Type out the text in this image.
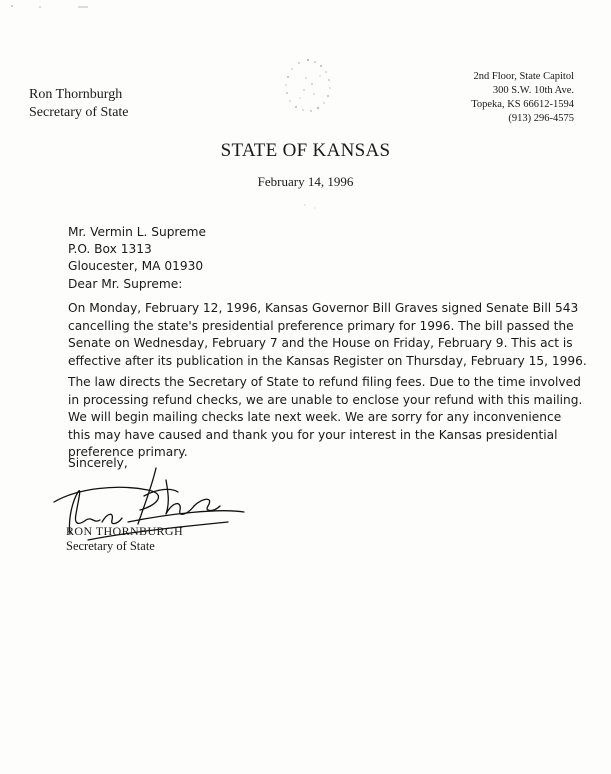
Ron Thornburgh
Secretary of State
2nd Floor, State Capitol
300 S.W. 10th Ave.
Topeka, KS 66612-1594
(913) 296-4575
STATE OF KANSAS
February 14, 1996
Mr. Vermin L. Supreme
P.O. Box 1313
Gloucester, MA 01930
Dear Mr. Supreme:
On Monday, February 12, 1996, Kansas Governor Bill Graves signed Senate Bill 543
cancelling the state's presidential preference primary for 1996. The bill passed the
Senate on Wednesday, February 7 and the House on Friday, February 9. This act is
effective after its publication in the Kansas Register on Thursday, February 15, 1996.
The law directs the Secretary of State to refund filing fees. Due to the time involved
in processing refund checks, we are unable to enclose your refund with this mailing.
We will begin mailing checks late next week. We are sorry for any inconvenience
this may have caused and thank you for your interest in the Kansas presidential
preference primary.
Sincerely,
RON THORNBURGH
Secretary of State
